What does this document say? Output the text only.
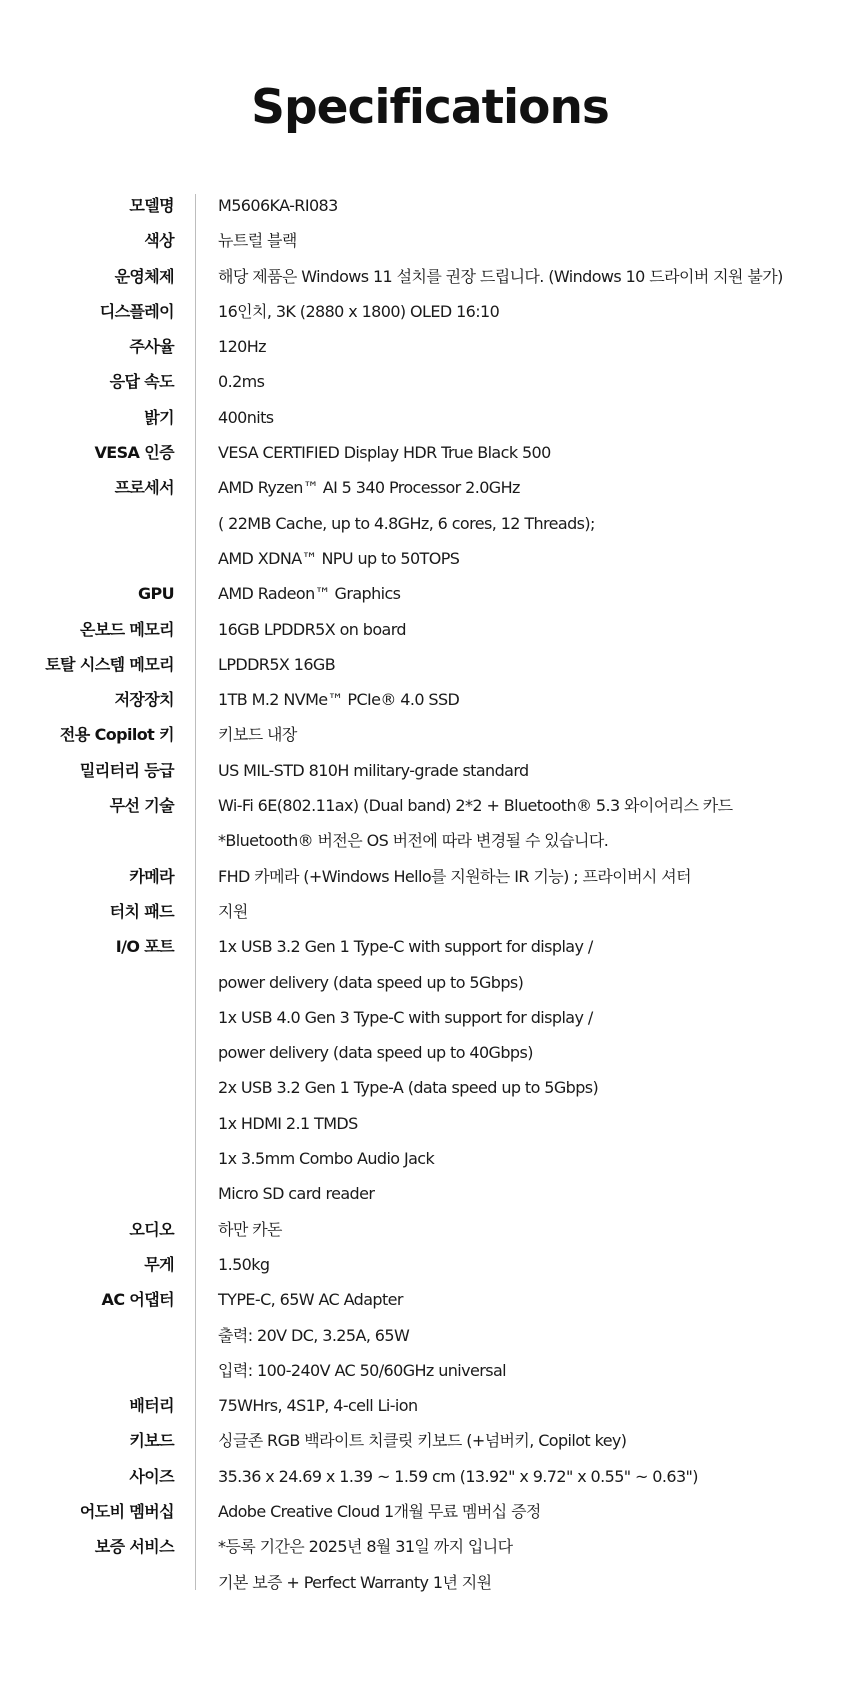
Specifications
모델명	M5606KA-RI083
색상	뉴트럴 블랙
운영체제	해당 제품은 Windows 11 설치를 권장 드립니다. (Windows 10 드라이버 지원 불가)
디스플레이	16인치, 3K (2880 x 1800) OLED 16:10
주사율	120Hz
응답 속도	0.2ms
밝기	400nits
VESA 인증	VESA CERTIFIED Display HDR True Black 500
프로세서	AMD Ryzen™ AI 5 340 Processor 2.0GHz
( 22MB Cache, up to 4.8GHz, 6 cores, 12 Threads);
AMD XDNA™ NPU up to 50TOPS
GPU	AMD Radeon™ Graphics
온보드 메모리	16GB LPDDR5X on board
토탈 시스템 메모리	LPDDR5X 16GB
저장장치	1TB M.2 NVMe™ PCIe® 4.0 SSD
전용 Copilot 키	키보드 내장
밀리터리 등급	US MIL-STD 810H military-grade standard
무선 기술	Wi-Fi 6E(802.11ax) (Dual band) 2*2 + Bluetooth® 5.3 와이어리스 카드
*Bluetooth® 버전은 OS 버전에 따라 변경될 수 있습니다.
카메라	FHD 카메라 (+Windows Hello를 지원하는 IR 기능) ; 프라이버시 셔터
터치 패드	지원
I/O 포트	1x USB 3.2 Gen 1 Type-C with support for display /
power delivery (data speed up to 5Gbps)
1x USB 4.0 Gen 3 Type-C with support for display /
power delivery (data speed up to 40Gbps)
2x USB 3.2 Gen 1 Type-A (data speed up to 5Gbps)
1x HDMI 2.1 TMDS
1x 3.5mm Combo Audio Jack
Micro SD card reader
오디오	하만 카돈
무게	1.50kg
AC 어댑터	TYPE-C, 65W AC Adapter
출력: 20V DC, 3.25A, 65W
입력: 100-240V AC 50/60GHz universal
배터리	75WHrs, 4S1P, 4-cell Li-ion
키보드	싱글존 RGB 백라이트 치클릿 키보드 (+넘버키, Copilot key)
사이즈	35.36 x 24.69 x 1.39 ~ 1.59 cm (13.92" x 9.72" x 0.55" ~ 0.63")
어도비 멤버십	Adobe Creative Cloud 1개월 무료 멤버십 증정
보증 서비스	*등록 기간은 2025년 8월 31일 까지 입니다
기본 보증 + Perfect Warranty 1년 지원
